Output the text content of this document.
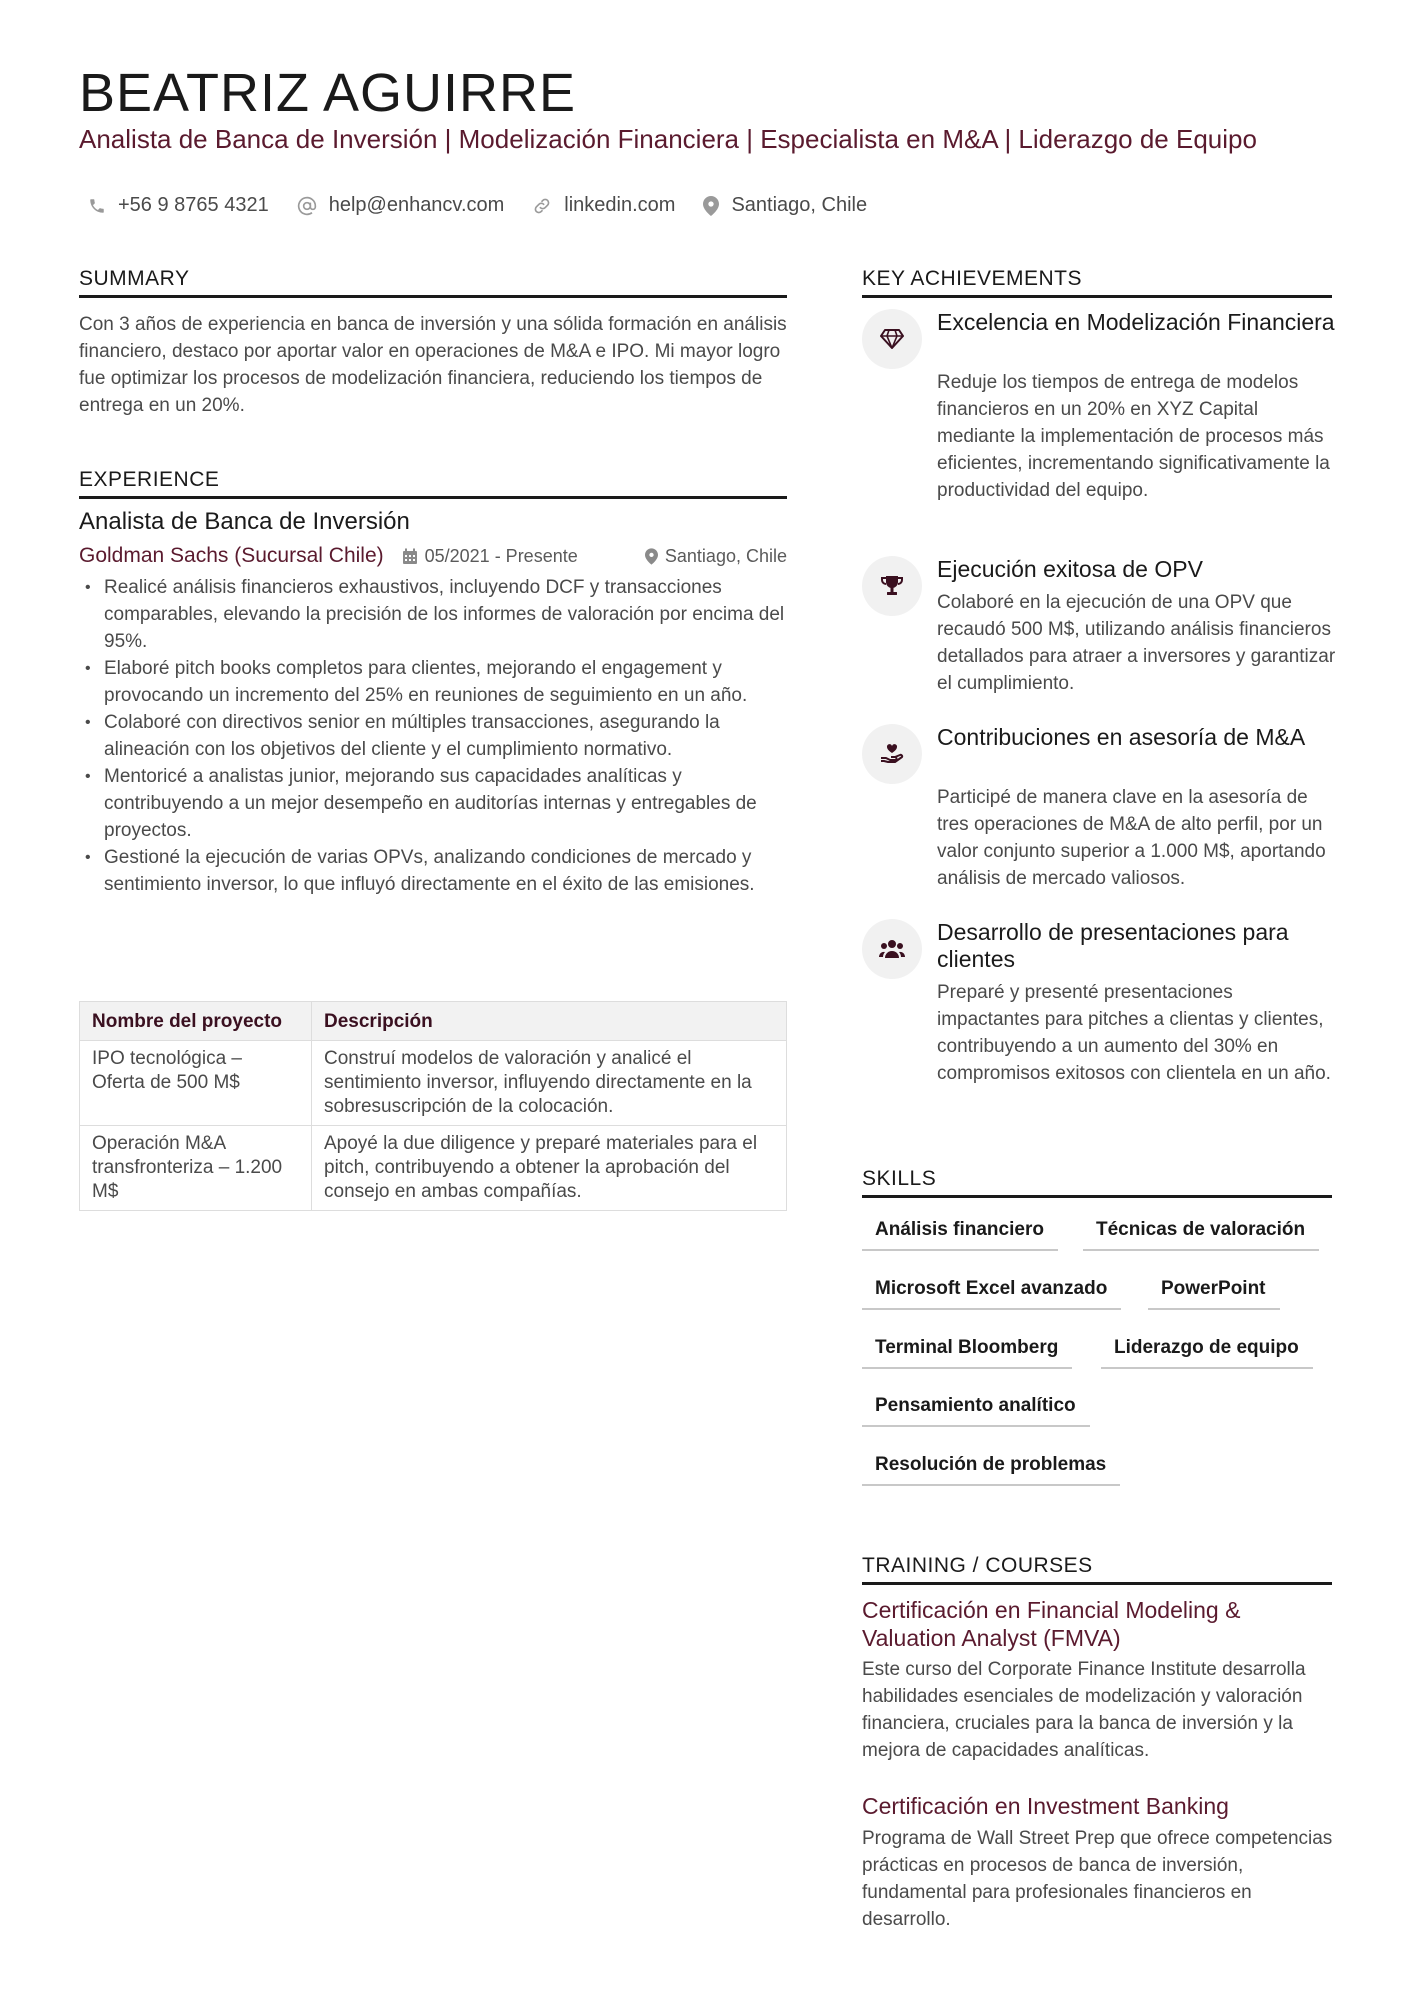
BEATRIZ AGUIRRE
Analista de Banca de Inversión | Modelización Financiera | Especialista en M&A | Liderazgo de Equipo
+56 9 8765 4321	help@enhancv.com	linkedin.com	Santiago, Chile
SUMMARY
Con 3 años de experiencia en banca de inversión y una sólida formación en análisis financiero, destaco por aportar valor en operaciones de M&A e IPO. Mi mayor logro fue optimizar los procesos de modelización financiera, reduciendo los tiempos de entrega en un 20%.
EXPERIENCE
Analista de Banca de Inversión
Goldman Sachs (Sucursal Chile) 05/2021 - Presente	Santiago, Chile
• Realicé análisis financieros exhaustivos, incluyendo DCF y transacciones comparables, elevando la precisión de los informes de valoración por encima del 95%.
• Elaboré pitch books completos para clientes, mejorando el engagement y provocando un incremento del 25% en reuniones de seguimiento en un año.
• Colaboré con directivos senior en múltiples transacciones, asegurando la alineación con los objetivos del cliente y el cumplimiento normativo.
• Mentoricé a analistas junior, mejorando sus capacidades analíticas y contribuyendo a un mejor desempeño en auditorías internas y entregables de proyectos.
• Gestioné la ejecución de varias OPVs, analizando condiciones de mercado y sentimiento inversor, lo que influyó directamente en el éxito de las emisiones.
Nombre del proyecto	Descripción
IPO tecnológica – Oferta de 500 M$	Construí modelos de valoración y analicé el sentimiento inversor, influyendo directamente en la sobresuscripción de la colocación.
Operación M&A transfronteriza – 1.200 M$	Apoyé la due diligence y preparé materiales para el pitch, contribuyendo a obtener la aprobación del consejo en ambas compañías.
KEY ACHIEVEMENTS
Excelencia en Modelización Financiera
Reduje los tiempos de entrega de modelos financieros en un 20% en XYZ Capital mediante la implementación de procesos más eficientes, incrementando significativamente la productividad del equipo.
Ejecución exitosa de OPV
Colaboré en la ejecución de una OPV que recaudó 500 M$, utilizando análisis financieros detallados para atraer a inversores y garantizar el cumplimiento.
Contribuciones en asesoría de M&A
Participé de manera clave en la asesoría de tres operaciones de M&A de alto perfil, por un valor conjunto superior a 1.000 M$, aportando análisis de mercado valiosos.
Desarrollo de presentaciones para clientes
Preparé y presenté presentaciones impactantes para pitches a clientas y clientes, contribuyendo a un aumento del 30% en compromisos exitosos con clientela en un año.
SKILLS
Análisis financiero	Técnicas de valoración
Microsoft Excel avanzado	PowerPoint
Terminal Bloomberg	Liderazgo de equipo
Pensamiento analítico
Resolución de problemas
TRAINING / COURSES
Certificación en Financial Modeling & Valuation Analyst (FMVA)
Este curso del Corporate Finance Institute desarrolla habilidades esenciales de modelización y valoración financiera, cruciales para la banca de inversión y la mejora de capacidades analíticas.
Certificación en Investment Banking
Programa de Wall Street Prep que ofrece competencias prácticas en procesos de banca de inversión, fundamental para profesionales financieros en desarrollo.
